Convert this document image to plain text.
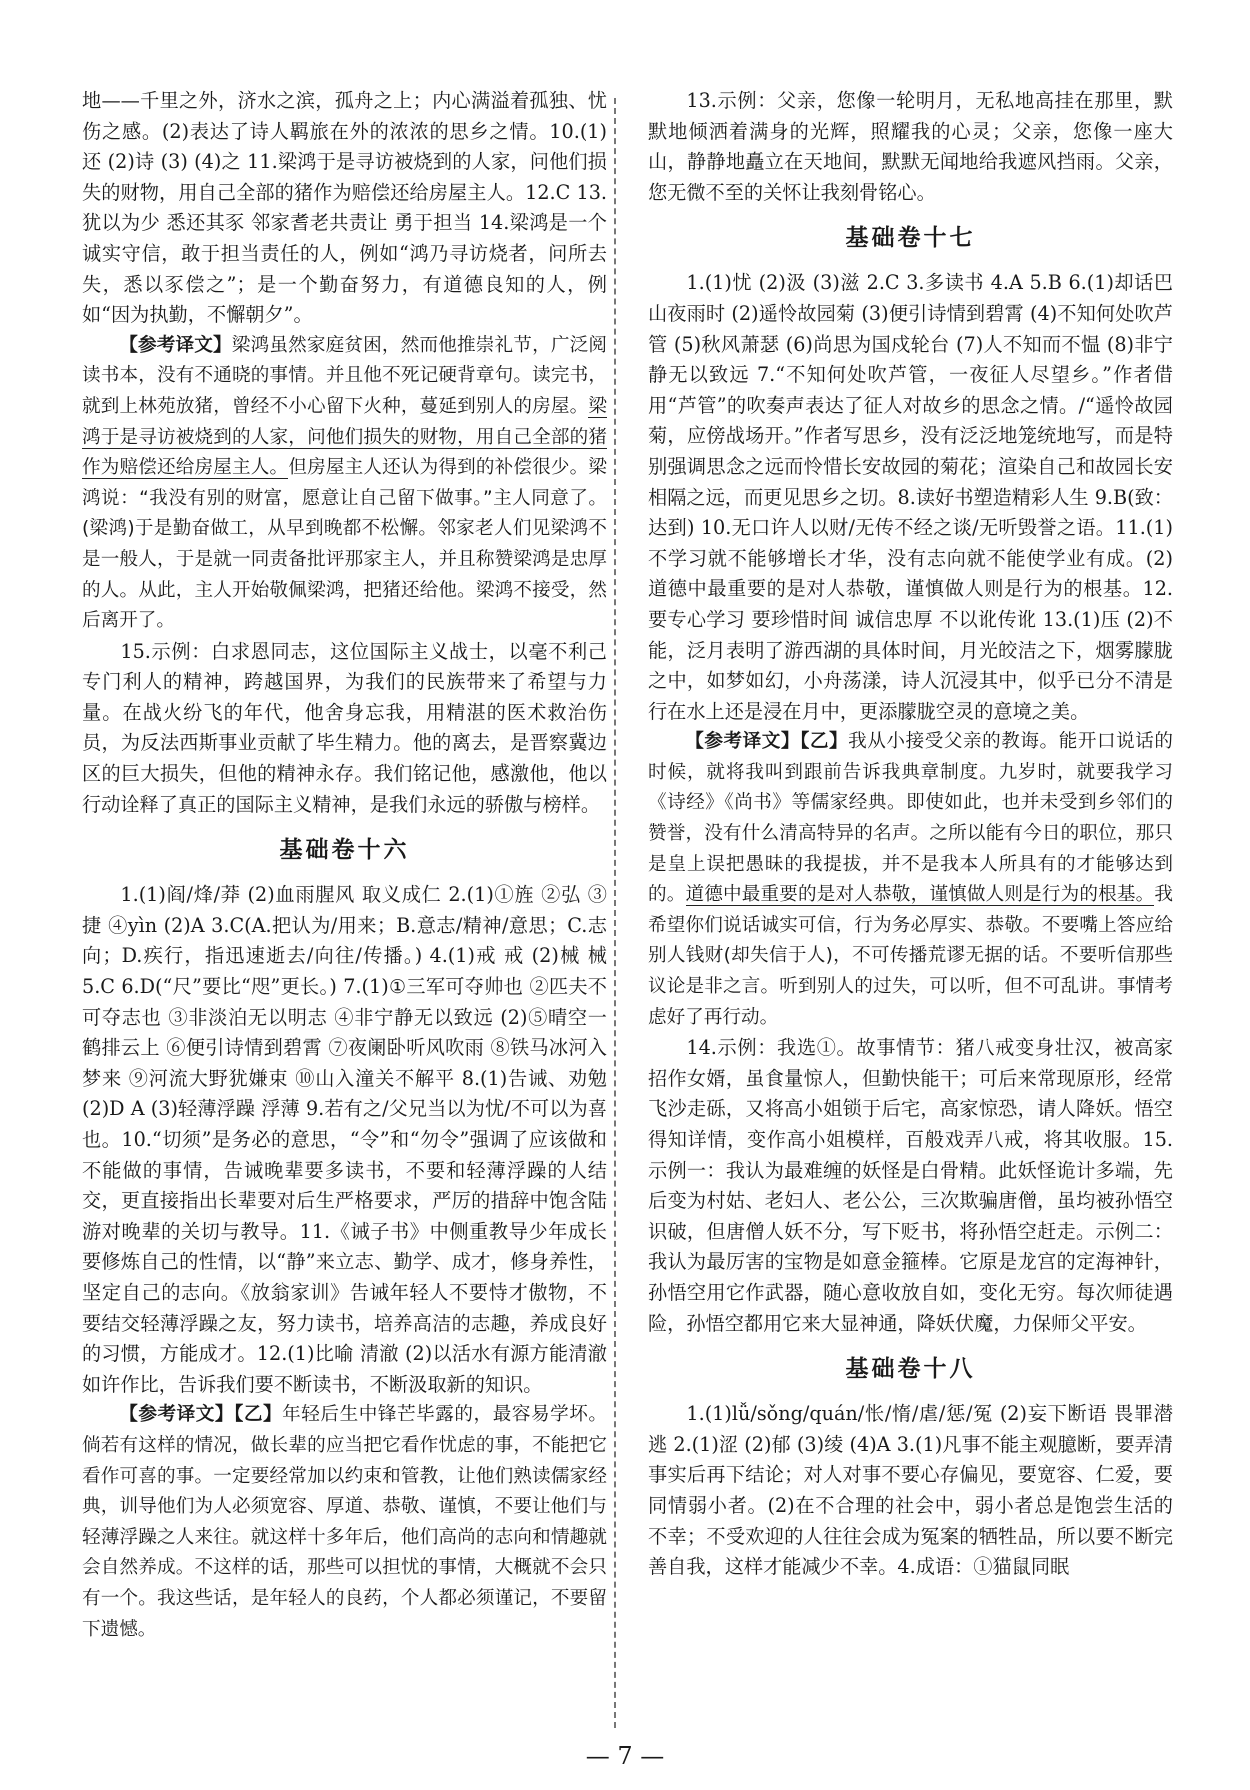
地——千里之外，济水之滨，孤舟之上；内心满溢着孤独、忧伤之感。(2)表达了诗人羁旅在外的浓浓的思乡之情。10.(1)还 (2)诗 (3) (4)之 11.梁鸿于是寻访被烧到的人家，问他们损失的财物，用自己全部的猪作为赔偿还给房屋主人。12.C 13.犹以为少 悉还其豕 邻家耆老共责让 勇于担当 14.梁鸿是一个诚实守信，敢于担当责任的人，例如“鸿乃寻访烧者，问所去失，悉以豕偿之”；是一个勤奋努力，有道德良知的人，例如“因为执勤，不懈朝夕”。

【参考译文】梁鸿虽然家庭贫困，然而他推崇礼节，广泛阅读书本，没有不通晓的事情。并且他不死记硬背章句。读完书，就到上林苑放猪，曾经不小心留下火种，蔓延到别人的房屋。梁鸿于是寻访被烧到的人家，问他们损失的财物，用自己全部的猪作为赔偿还给房屋主人。但房屋主人还认为得到的补偿很少。梁鸿说：“我没有别的财富，愿意让自己留下做事。”主人同意了。(梁鸿)于是勤奋做工，从早到晚都不松懈。邻家老人们见梁鸿不是一般人，于是就一同责备批评那家主人，并且称赞梁鸿是忠厚的人。从此，主人开始敬佩梁鸿，把猪还给他。梁鸿不接受，然后离开了。

15.示例：白求恩同志，这位国际主义战士，以毫不利己专门利人的精神，跨越国界，为我们的民族带来了希望与力量。在战火纷飞的年代，他舍身忘我，用精湛的医术救治伤员，为反法西斯事业贡献了毕生精力。他的离去，是晋察冀边区的巨大损失，但他的精神永存。我们铭记他，感激他，他以行动诠释了真正的国际主义精神，是我们永远的骄傲与榜样。

基础卷十六

1.(1)阎/烽/莽 (2)血雨腥风 取义成仁 2.(1)①旌 ②弘 ③捷 ④yìn (2)A 3.C(A.把认为/用来；B.意志/精神/意思；C.志向；D.疾行，指迅速逝去/向往/传播。) 4.(1)戒 戒 (2)械 械 5.C 6.D(“尺”要比“咫”更长。) 7.(1)①三军可夺帅也 ②匹夫不可夺志也 ③非淡泊无以明志 ④非宁静无以致远 (2)⑤晴空一鹤排云上 ⑥便引诗情到碧霄 ⑦夜阑卧听风吹雨 ⑧铁马冰河入梦来 ⑨河流大野犹嫌束 ⑩山入潼关不解平 8.(1)告诫、劝勉 (2)D A (3)轻薄浮躁 浮薄 9.若有之/父兄当以为忧/不可以为喜也。10.“切须”是务必的意思，“令”和“勿令”强调了应该做和不能做的事情，告诫晚辈要多读书，不要和轻薄浮躁的人结交，更直接指出长辈要对后生严格要求，严厉的措辞中饱含陆游对晚辈的关切与教导。11.《诫子书》中侧重教导少年成长要修炼自己的性情，以“静”来立志、勤学、成才，修身养性，坚定自己的志向。《放翁家训》告诫年轻人不要恃才傲物，不要结交轻薄浮躁之友，努力读书，培养高洁的志趣，养成良好的习惯，方能成才。12.(1)比喻 清澈 (2)以活水有源方能清澈如许作比，告诉我们要不断读书，不断汲取新的知识。

【参考译文】【乙】年轻后生中锋芒毕露的，最容易学坏。倘若有这样的情况，做长辈的应当把它看作忧虑的事，不能把它看作可喜的事。一定要经常加以约束和管教，让他们熟读儒家经典，训导他们为人必须宽容、厚道、恭敬、谨慎，不要让他们与轻薄浮躁之人来往。就这样十多年后，他们高尚的志向和情趣就会自然养成。不这样的话，那些可以担忧的事情，大概就不会只有一个。我这些话，是年轻人的良药，个人都必须谨记，不要留下遗憾。

13.示例：父亲，您像一轮明月，无私地高挂在那里，默默地倾洒着满身的光辉，照耀我的心灵；父亲，您像一座大山，静静地矗立在天地间，默默无闻地给我遮风挡雨。父亲，您无微不至的关怀让我刻骨铭心。

基础卷十七

1.(1)忧 (2)汲 (3)滋 2.C 3.多读书 4.A 5.B 6.(1)却话巴山夜雨时 (2)遥怜故园菊 (3)便引诗情到碧霄 (4)不知何处吹芦管 (5)秋风萧瑟 (6)尚思为国戍轮台 (7)人不知而不愠 (8)非宁静无以致远 7.“不知何处吹芦管，一夜征人尽望乡。”作者借用“芦管”的吹奏声表达了征人对故乡的思念之情。/“遥怜故园菊，应傍战场开。”作者写思乡，没有泛泛地笼统地写，而是特别强调思念之远而怜惜长安故园的菊花；渲染自己和故园长安相隔之远，而更见思乡之切。8.读好书塑造精彩人生 9.B(致：达到) 10.无口许人以财/无传不经之谈/无听毁誉之语。11.(1)不学习就不能够增长才华，没有志向就不能使学业有成。(2)道德中最重要的是对人恭敬，谨慎做人则是行为的根基。12.要专心学习 要珍惜时间 诚信忠厚 不以讹传讹 13.(1)压 (2)不能，泛月表明了游西湖的具体时间，月光皎洁之下，烟雾朦胧之中，如梦如幻，小舟荡漾，诗人沉浸其中，似乎已分不清是行在水上还是浸在月中，更添朦胧空灵的意境之美。

【参考译文】【乙】我从小接受父亲的教诲。能开口说话的时候，就将我叫到跟前告诉我典章制度。九岁时，就要我学习《诗经》《尚书》等儒家经典。即使如此，也并未受到乡邻们的赞誉，没有什么清高特异的名声。之所以能有今日的职位，那只是皇上误把愚昧的我提拔，并不是我本人所具有的才能够达到的。道德中最重要的是对人恭敬，谨慎做人则是行为的根基。我希望你们说话诚实可信，行为务必厚实、恭敬。不要嘴上答应给别人钱财(却失信于人)，不可传播荒谬无据的话。不要听信那些议论是非之言。听到别人的过失，可以听，但不可乱讲。事情考虑好了再行动。

14.示例：我选①。故事情节：猪八戒变身壮汉，被高家招作女婿，虽食量惊人，但勤快能干；可后来常现原形，经常飞沙走砾，又将高小姐锁于后宅，高家惊恐，请人降妖。悟空得知详情，变作高小姐模样，百般戏弄八戒，将其收服。15.示例一：我认为最难缠的妖怪是白骨精。此妖怪诡计多端，先后变为村姑、老妇人、老公公，三次欺骗唐僧，虽均被孙悟空识破，但唐僧人妖不分，写下贬书，将孙悟空赶走。示例二：我认为最厉害的宝物是如意金箍棒。它原是龙宫的定海神针，孙悟空用它作武器，随心意收放自如，变化无穷。每次师徒遇险，孙悟空都用它来大显神通，降妖伏魔，力保师父平安。

基础卷十八

1.(1)lǚ/sǒng/quán/怅/惰/虐/惩/冤 (2)妄下断语 畏罪潜逃 2.(1)涩 (2)郁 (3)绫 (4)A 3.(1)凡事不能主观臆断，要弄清事实后再下结论；对人对事不要心存偏见，要宽容、仁爱，要同情弱小者。(2)在不合理的社会中，弱小者总是饱尝生活的不幸；不受欢迎的人往往会成为冤案的牺牲品，所以要不断完善自我，这样才能减少不幸。4.成语：①猫鼠同眠

— 7 —
